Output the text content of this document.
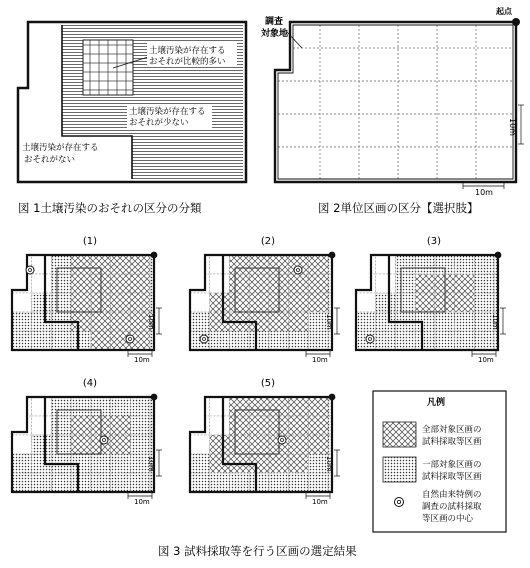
土壌汚染が存在する
おそれが比較的多い
土壌汚染が存在する
おそれが少ない
土壌汚染が存在する
おそれがない
図 1土壌汚染のおそれの区分の分類
起点
調査
対象地
10m
10m
図 2単位区画の区分【選択肢】
(1)
10m
10m
(2)
10m
10m
(3)
10m
10m
(4)
10m
10m
(5)
10m
10m
凡例
全部対象区画の
試料採取等区画
一部対象区画の
試料採取等区画
自然由来特例の
調査の試料採取
等区画の中心
図 3 試料採取等を行う区画の選定結果
